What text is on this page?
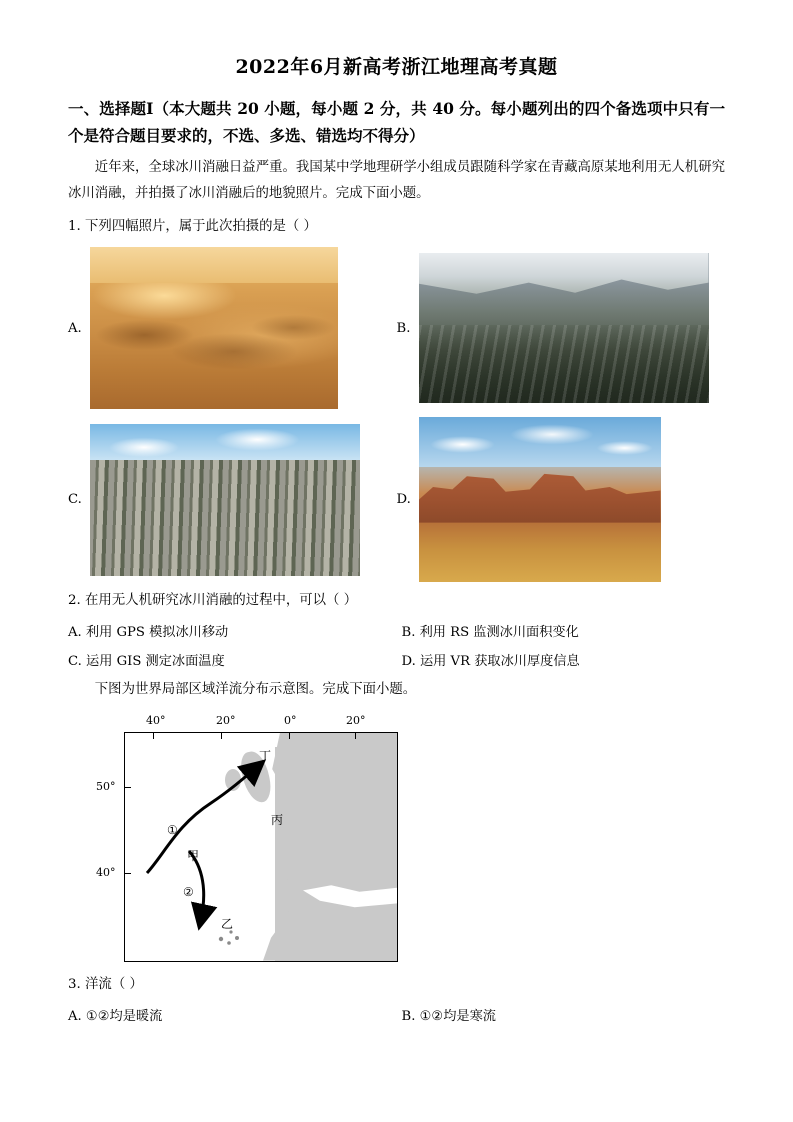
2022年6月新高考浙江地理高考真题
一、选择题Ⅰ（本大题共 20 小题，每小题 2 分，共 40 分。每小题列出的四个备选项中只有一个是符合题目要求的，不选、多选、错选均不得分）

近年来，全球冰川消融日益严重。我国某中学地理研学小组成员跟随科学家在青藏高原某地利用无人机研究冰川消融，并拍摄了冰川消融后的地貌照片。完成下面小题。

1. 下列四幅照片，属于此次拍摄的是（ ）
A.	B.
C.	D.
2. 在用无人机研究冰川消融的过程中，可以（ ）
A. 利用 GPS 模拟冰川移动	B. 利用 RS 监测冰川面积变化
C. 运用 GIS 测定冰面温度	D. 运用 VR 获取冰川厚度信息

下图为世界局部区域洋流分布示意图。完成下面小题。

40°	20°	0°	20°
50°
40°
①
②
甲
乙
丙
丁
3. 洋流（ ）
A. ①②均是暖流	B. ①②均是寒流
